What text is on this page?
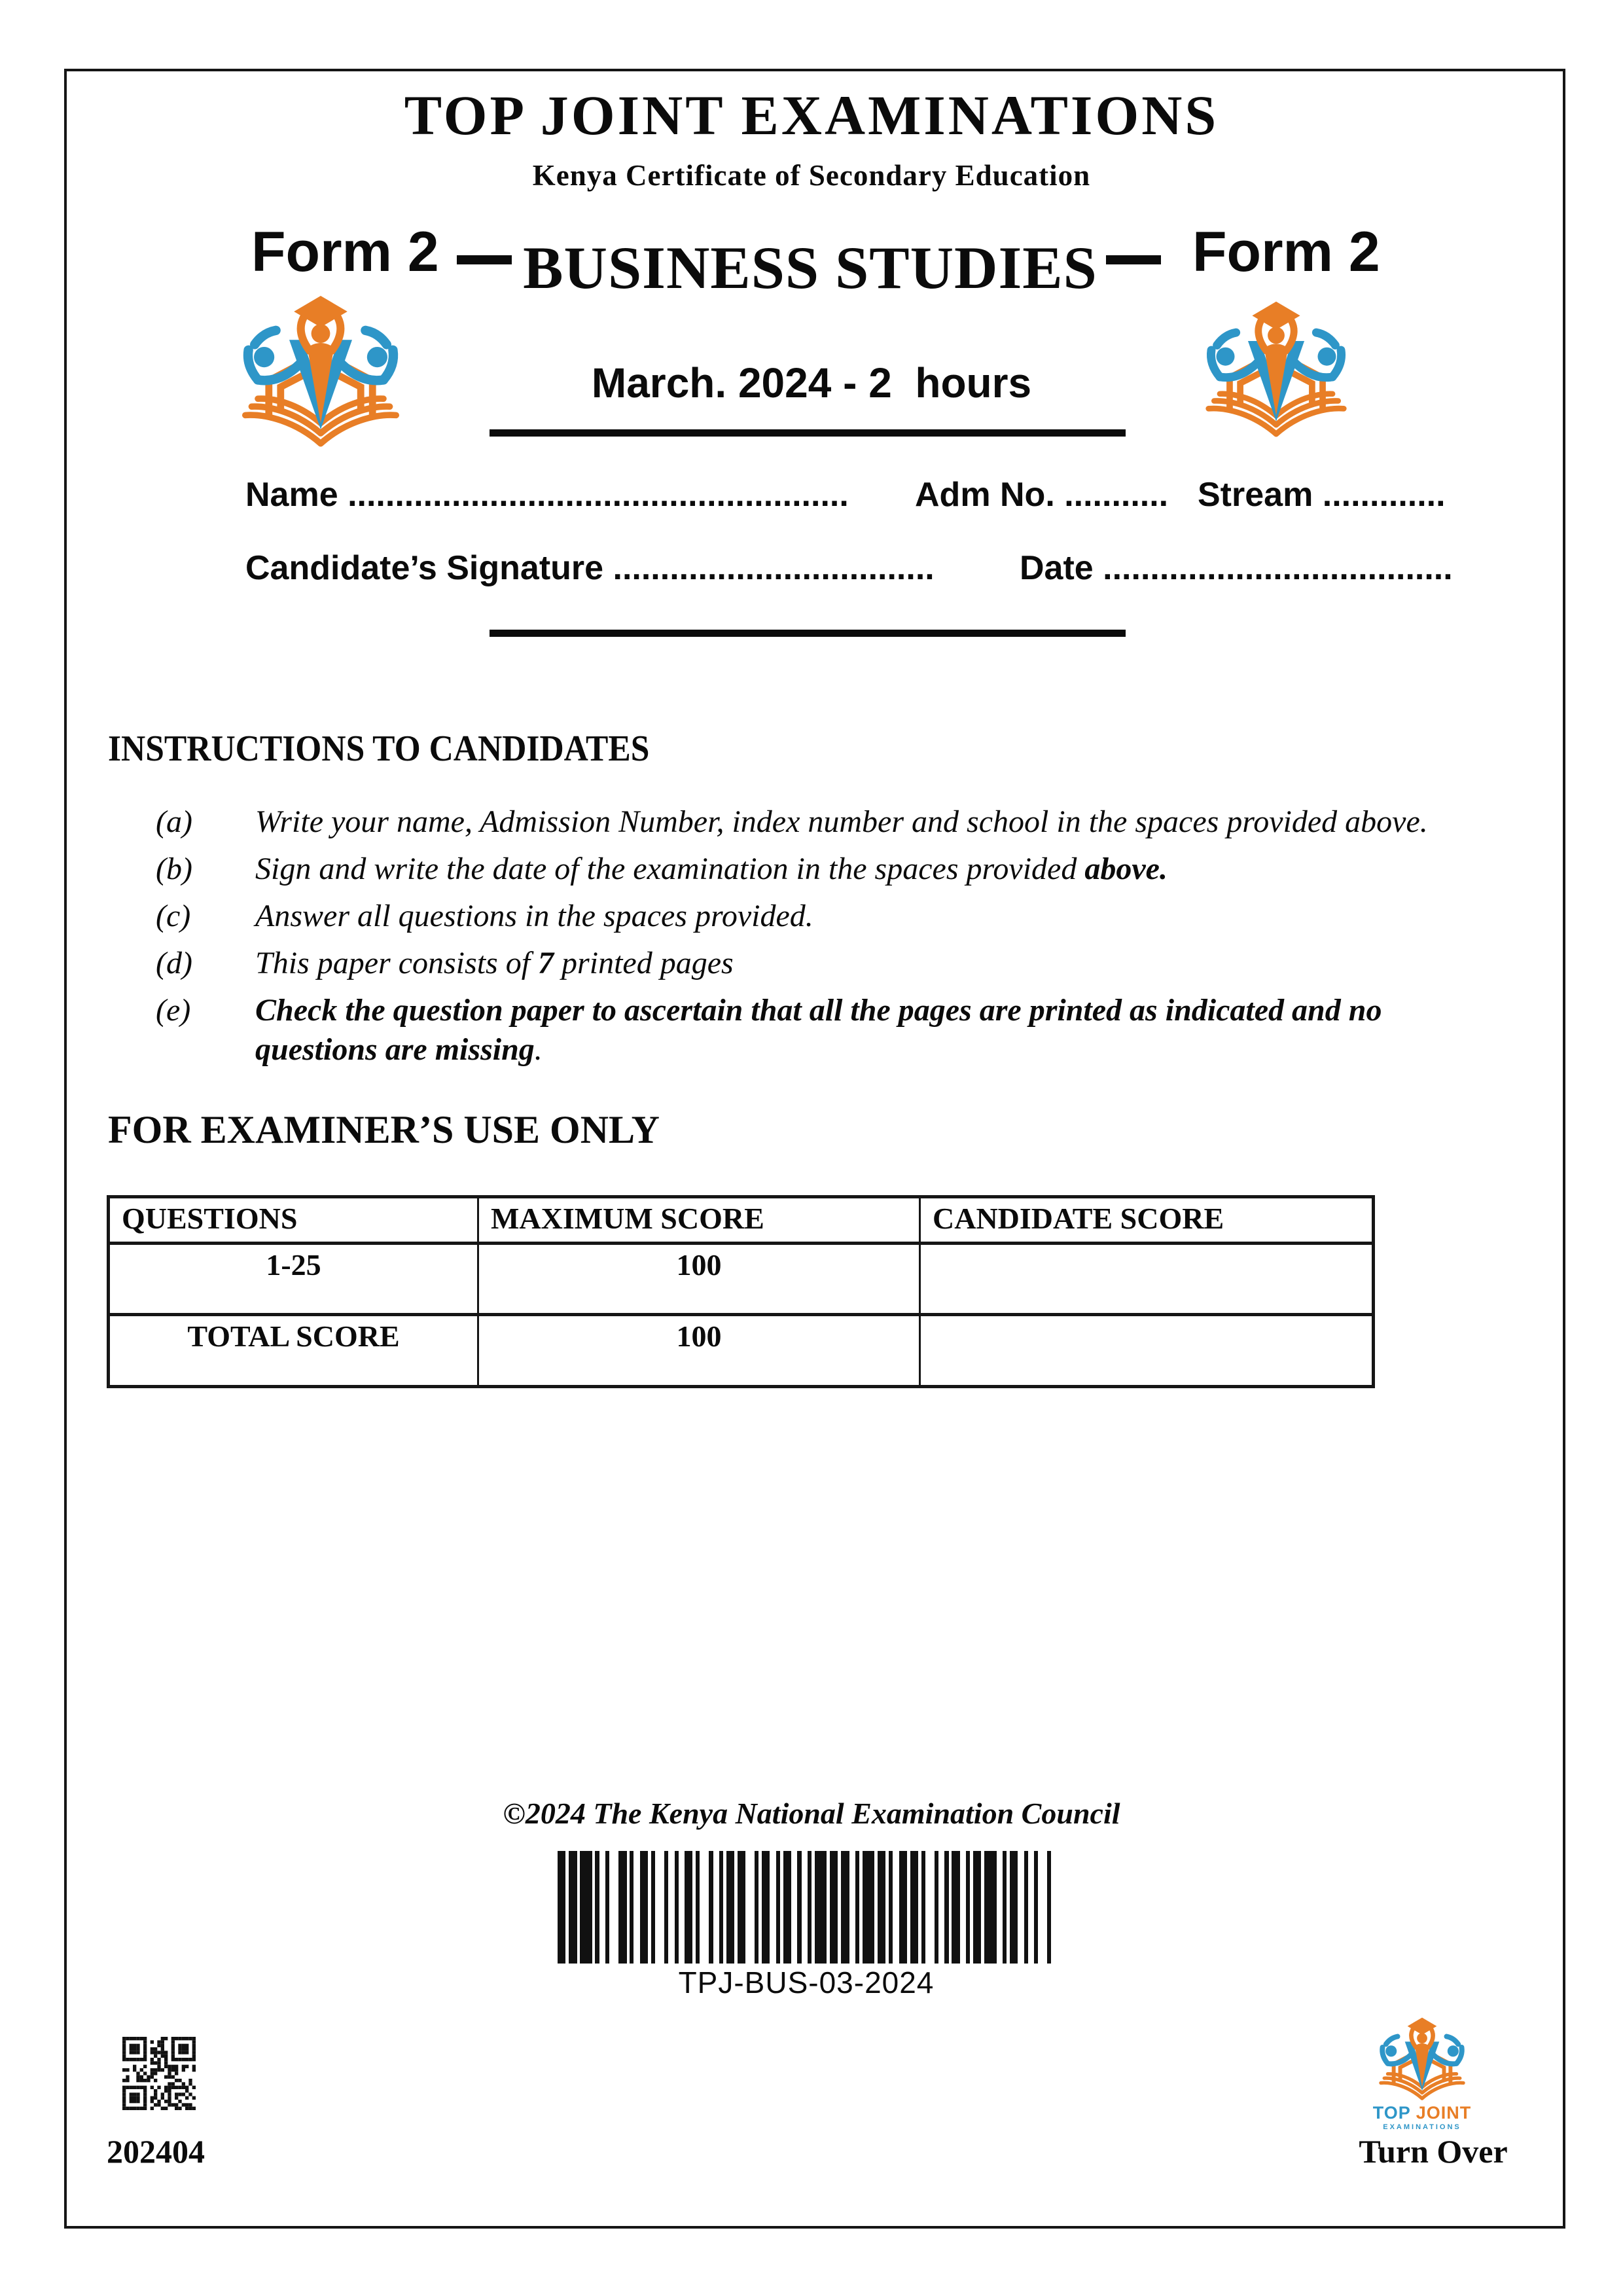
TOP JOINT EXAMINATIONS
Kenya Certificate of Secondary Education
Form 2	BUSINESS STUDIES	Form 2
March. 2024 - 2  hours
Name ..................................................... Adm No. ........... Stream .............
Candidate’s Signature ..................................	Date .....................................
INSTRUCTIONS TO CANDIDATES
(a)	Write your name, Admission Number, index number and school in the spaces provided above.
(b)	Sign and write the date of the examination in the spaces provided above.
(c)	Answer all questions in the spaces provided.
(d)	This paper consists of 7 printed pages
(e)	Check the question paper to ascertain that all the pages are printed as indicated and no questions are missing.
FOR EXAMINER’S USE ONLY
QUESTIONS	MAXIMUM SCORE	CANDIDATE SCORE
1-25	100
TOTAL SCORE	100
©2024 The Kenya National Examination Council
TPJ-BUS-03-2024
202404
TOP JOINT
EXAMINATIONS
Turn Over
